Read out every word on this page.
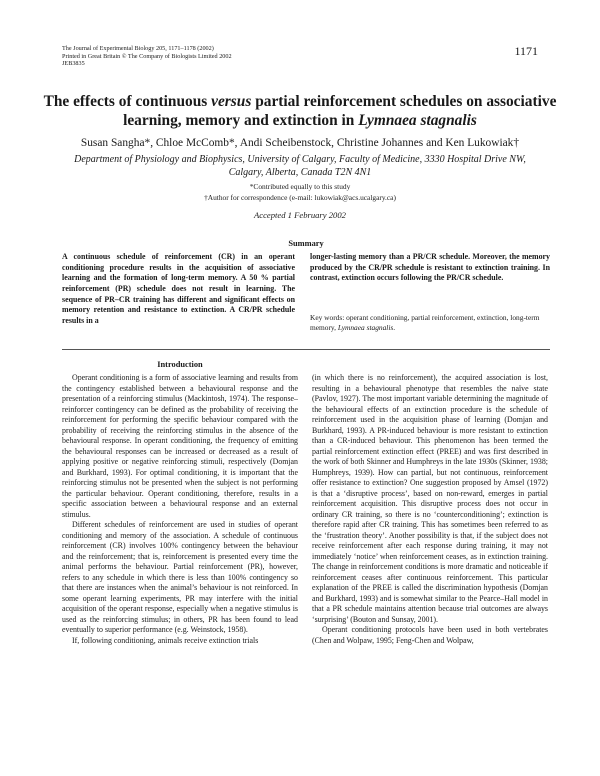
The Journal of Experimental Biology 205, 1171–1178 (2002)
Printed in Great Britain © The Company of Biologists Limited 2002
JEB3835
1171
The effects of continuous versus partial reinforcement schedules on associative learning, memory and extinction in Lymnaea stagnalis
Susan Sangha*, Chloe McComb*, Andi Scheibenstock, Christine Johannes and Ken Lukowiak†
Department of Physiology and Biophysics, University of Calgary, Faculty of Medicine, 3330 Hospital Drive NW,
Calgary, Alberta, Canada T2N 4N1
*Contributed equally to this study
†Author for correspondence (e-mail: lukowiak@acs.ucalgary.ca)
Accepted 1 February 2002
Summary

A continuous schedule of reinforcement (CR) in an operant conditioning procedure results in the acquisition of associative learning and the formation of long-term memory. A 50 % partial reinforcement (PR) schedule does not result in learning. The sequence of PR–CR training has different and significant effects on memory retention and resistance to extinction. A CR/PR schedule results in a

longer-lasting memory than a PR/CR schedule. Moreover, the memory produced by the CR/PR schedule is resistant to extinction training. In contrast, extinction occurs following the PR/CR schedule.

Key words: operant conditioning, partial reinforcement, extinction, long-term memory, Lymnaea stagnalis.

Introduction

Operant conditioning is a form of associative learning and results from the contingency established between a behavioural response and the presentation of a reinforcing stimulus (Mackintosh, 1974). The response–reinforcer contingency can be defined as the probability of receiving the reinforcement for performing the specific behaviour compared with the probability of receiving the reinforcing stimulus in the absence of the behavioural response. In operant conditioning, the frequency of emitting the behavioural responses can be increased or decreased as a result of applying positive or negative reinforcing stimuli, respectively (Domjan and Burkhard, 1993). For optimal conditioning, it is important that the reinforcing stimulus not be presented when the subject is not performing the particular behaviour. Operant conditioning, therefore, results in a specific association between a behavioural response and an external stimulus.

Different schedules of reinforcement are used in studies of operant conditioning and memory of the association. A schedule of continuous reinforcement (CR) involves 100% contingency between the behaviour and the reinforcement; that is, reinforcement is presented every time the animal performs the behaviour. Partial reinforcement (PR), however, refers to any schedule in which there is less than 100% contingency so that there are instances when the animal’s behaviour is not reinforced. In some operant learning experiments, PR may interfere with the initial acquisition of the operant response, especially when a negative stimulus is used as the reinforcing stimulus; in others, PR has been found to lead eventually to superior performance (e.g. Weinstock, 1958).

If, following conditioning, animals receive extinction trials

(in which there is no reinforcement), the acquired association is lost, resulting in a behavioural phenotype that resembles the naïve state (Pavlov, 1927). The most important variable determining the magnitude of the behavioural effects of an extinction procedure is the schedule of reinforcement used in the acquisition phase of learning (Domjan and Burkhard, 1993). A PR-induced behaviour is more resistant to extinction than a CR-induced behaviour. This phenomenon has been termed the partial reinforcement extinction effect (PREE) and was first described in the work of both Skinner and Humphreys in the late 1930s (Skinner, 1938; Humphreys, 1939). How can partial, but not continuous, reinforcement offer resistance to extinction? One suggestion proposed by Amsel (1972) is that a ‘disruptive process’, based on non-reward, emerges in partial reinforcement acquisition. This disruptive process does not occur in ordinary CR training, so there is no ‘counterconditioning’; extinction is therefore rapid after CR training. This has sometimes been referred to as the ‘frustration theory’. Another possibility is that, if the subject does not receive reinforcement after each response during training, it may not immediately ‘notice’ when reinforcement ceases, as in extinction training. The change in reinforcement conditions is more dramatic and noticeable if reinforcement ceases after continuous reinforcement. This particular explanation of the PREE is called the discrimination hypothesis (Domjan and Burkhard, 1993) and is somewhat similar to the Pearce–Hall model in that a PR schedule maintains attention because trial outcomes are always ‘surprising’ (Bouton and Sunsay, 2001).

Operant conditioning protocols have been used in both vertebrates (Chen and Wolpaw, 1995; Feng-Chen and Wolpaw,
